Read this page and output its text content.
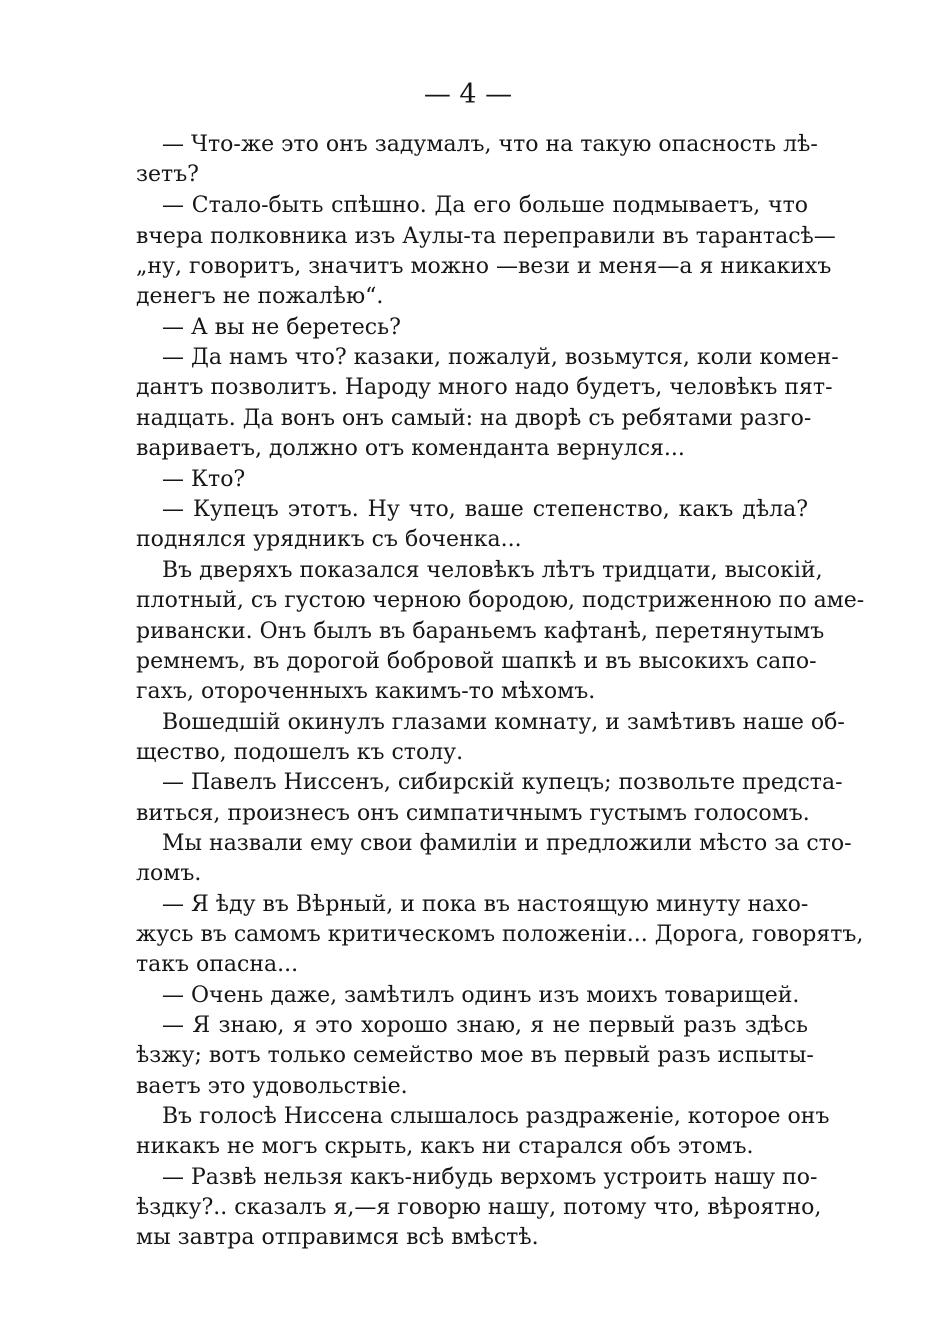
— 4 —
— Что-же это онъ задумалъ, что на такую опасность лѣ-
зетъ?
— Стало-быть спѣшно. Да его больше подмываетъ, что
вчера полковника изъ Аулы-та переправили въ тарантасѣ—
„ну, говоритъ, значитъ можно —вези и меня—а я никакихъ
денегъ не пожалѣю“.
— А вы не беретесь?
— Да намъ что? казаки, пожалуй, возьмутся, коли комен-
дантъ позволитъ. Народу много надо будетъ, человѣкъ пят-
надцать. Да вонъ онъ самый: на дворѣ съ ребятами разго-
вариваетъ, должно отъ коменданта вернулся...
— Кто?
— Купецъ этотъ. Ну что, ваше степенство, какъ дѣла?
поднялся урядникъ съ боченка...
Въ дверяхъ показался человѣкъ лѣтъ тридцати, высокій,
плотный, съ густою черною бородою, подстриженною по аме-
ривански. Онъ былъ въ бараньемъ кафтанѣ, перетянутымъ
ремнемъ, въ дорогой бобровой шапкѣ и въ высокихъ сапо-
гахъ, отороченныхъ какимъ-то мѣхомъ.
Вошедшій окинулъ глазами комнату, и замѣтивъ наше об-
щество, подошелъ къ столу.
— Павелъ Ниссенъ, сибирскій купецъ; позвольте предста-
виться, произнесъ онъ симпатичнымъ густымъ голосомъ.
Мы назвали ему свои фамиліи и предложили мѣсто за сто-
ломъ.
— Я ѣду въ Вѣрный, и пока въ настоящую минуту нахо-
жусь въ самомъ критическомъ положеніи... Дорога, говорятъ,
такъ опасна...
— Очень даже, замѣтилъ одинъ изъ моихъ товарищей.
— Я знаю, я это хорошо знаю, я не первый разъ здѣсь
ѣзжу; вотъ только семейство мое въ первый разъ испыты-
ваетъ это удовольствіе.
Въ голосѣ Ниссена слышалось раздраженіе, которое онъ
никакъ не могъ скрыть, какъ ни старался объ этомъ.
— Развѣ нельзя какъ-нибудь верхомъ устроить нашу по-
ѣздку?.. сказалъ я,—я говорю нашу, потому что, вѣроятно,
мы завтра отправимся всѣ вмѣстѣ.
